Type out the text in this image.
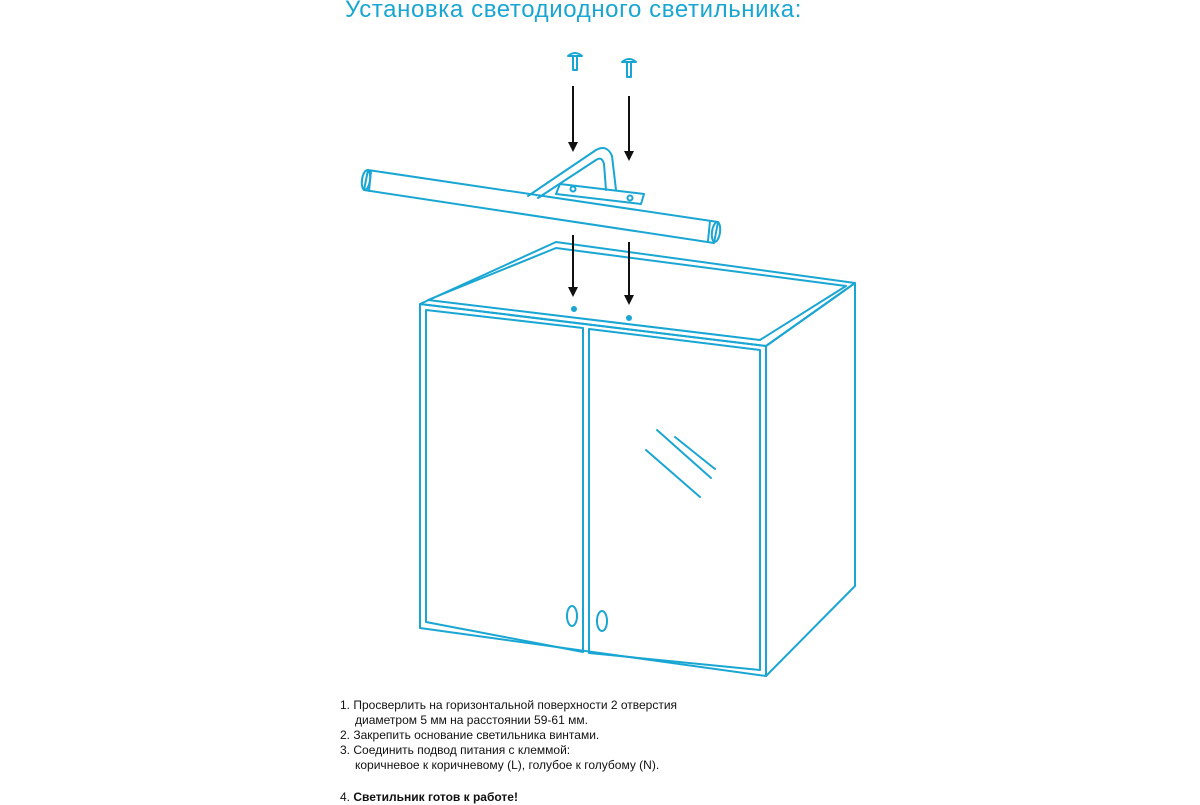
Установка светодиодного светильника:
1. Просверлить на горизонтальной поверхности 2 отверстия
диаметром 5 мм на расстоянии 59-61 мм.
2. Закрепить основание светильника винтами.
3. Соединить подвод питания с клеммой:
коричневое к коричневому (L), голубое к голубому (N).
4. Светильник готов к работе!
